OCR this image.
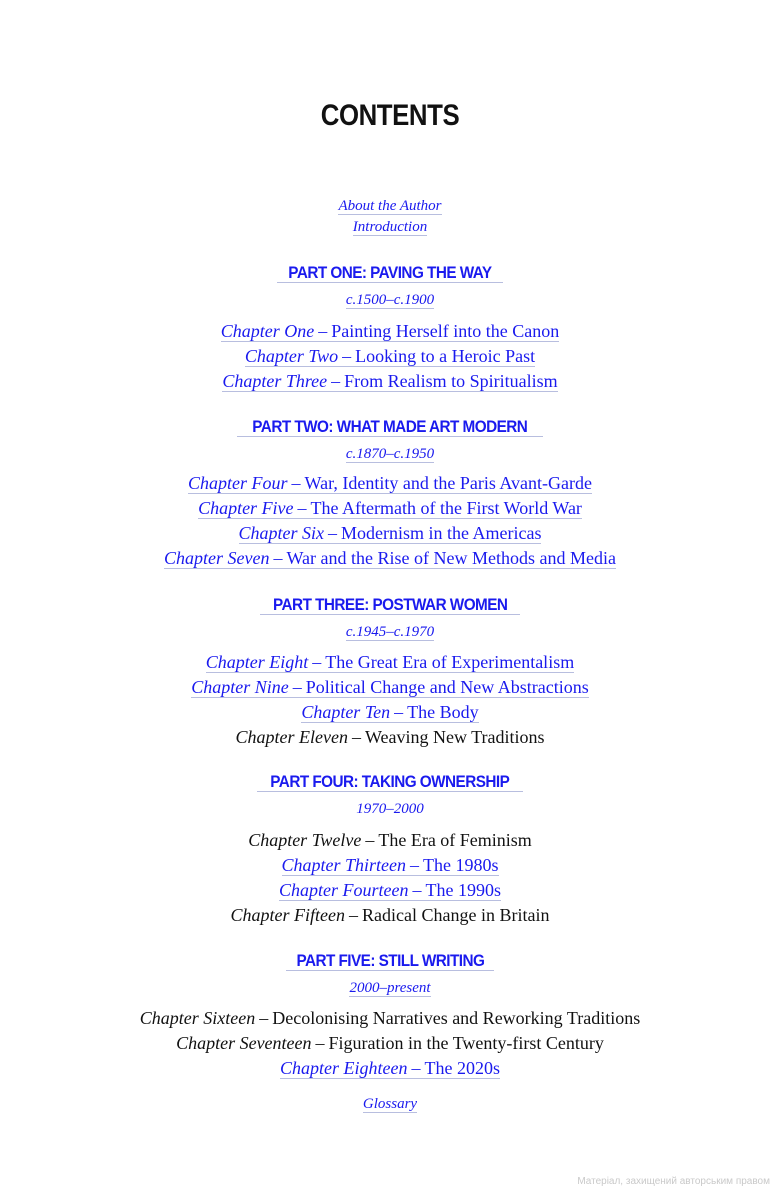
CONTENTS
About the Author
Introduction
PART ONE: PAVING THE WAY
c.1500–c.1900
Chapter One – Painting Herself into the Canon
Chapter Two – Looking to a Heroic Past
Chapter Three – From Realism to Spiritualism
PART TWO: WHAT MADE ART MODERN
c.1870–c.1950
Chapter Four – War, Identity and the Paris Avant-Garde
Chapter Five – The Aftermath of the First World War
Chapter Six – Modernism in the Americas
Chapter Seven – War and the Rise of New Methods and Media
PART THREE: POSTWAR WOMEN
c.1945–c.1970
Chapter Eight – The Great Era of Experimentalism
Chapter Nine – Political Change and New Abstractions
Chapter Ten – The Body
Chapter Eleven – Weaving New Traditions
PART FOUR: TAKING OWNERSHIP
1970–2000
Chapter Twelve – The Era of Feminism
Chapter Thirteen – The 1980s
Chapter Fourteen – The 1990s
Chapter Fifteen – Radical Change in Britain
PART FIVE: STILL WRITING
2000–present
Chapter Sixteen – Decolonising Narratives and Reworking Traditions
Chapter Seventeen – Figuration in the Twenty-first Century
Chapter Eighteen – The 2020s
Glossary
Матеріал, захищений авторським правом
